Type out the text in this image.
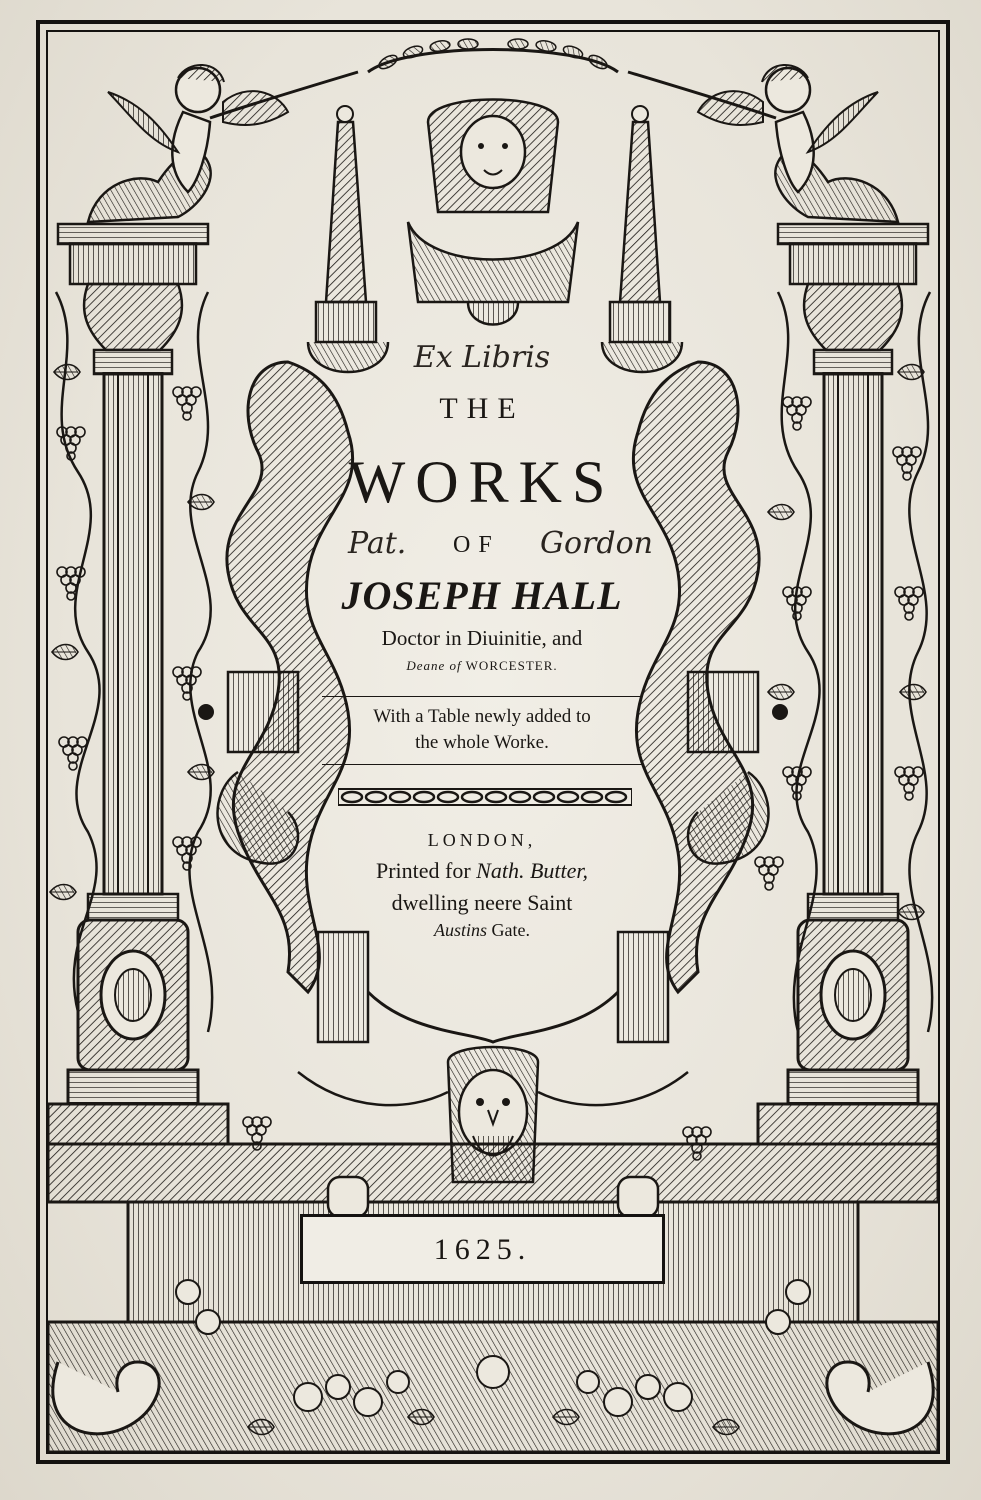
Ex Libris
THE
WORKS
Pat. OF Gordon
JOSEPH HALL
Doctor in Diuinitie, and
Deane of WORCESTER.
With a Table newly added to
the whole Worke.
LONDON,
Printed for Nath. Butter,
dwelling neere Saint
Austins Gate.
1625.
